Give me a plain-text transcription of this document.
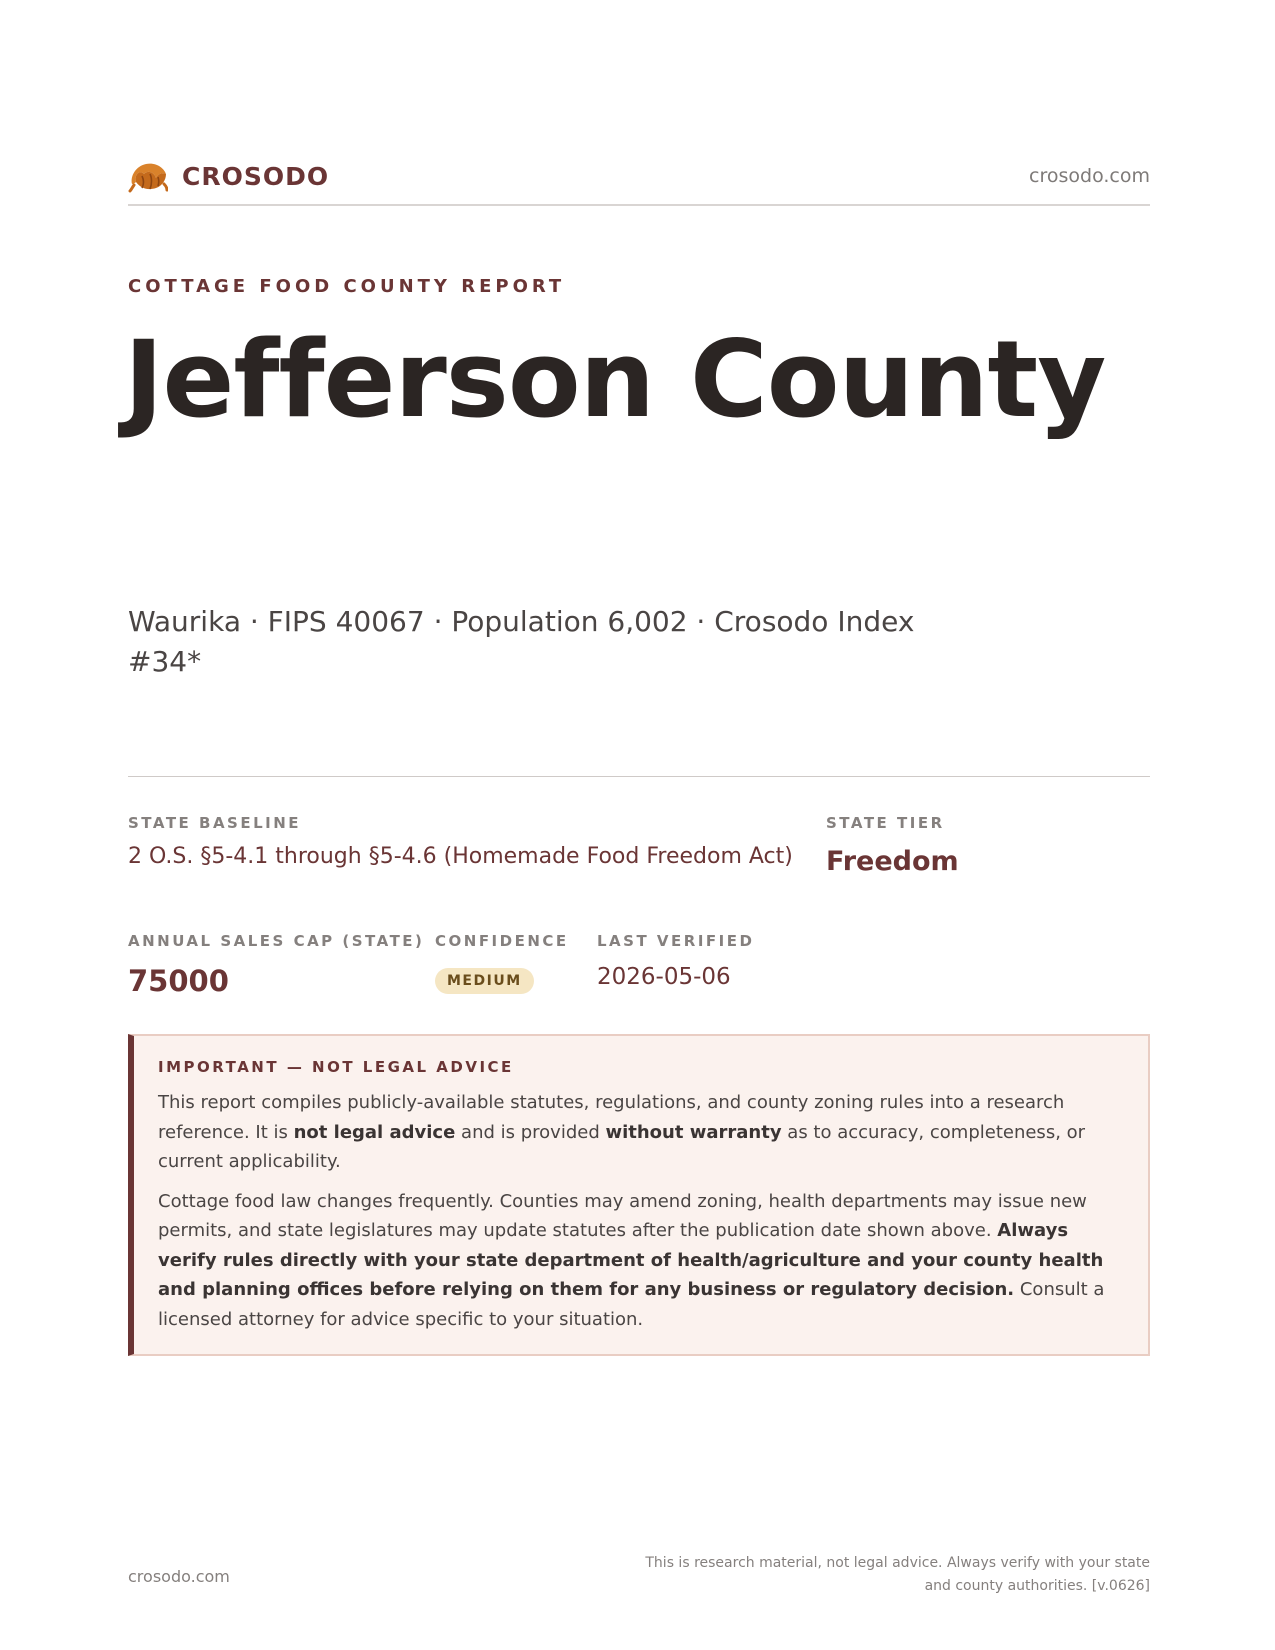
CROSODO	crosodo.com
COTTAGE FOOD COUNTY REPORT
Jefferson County
Waurika · FIPS 40067 · Population 6,002 · Crosodo Index #34*
STATE BASELINE
2 O.S. §5-4.1 through §5-4.6 (Homemade Food Freedom Act)
STATE TIER
Freedom
ANNUAL SALES CAP (STATE)
75000
CONFIDENCE
MEDIUM
LAST VERIFIED
2026-05-06
IMPORTANT — NOT LEGAL ADVICE

This report compiles publicly-available statutes, regulations, and county zoning rules into a research reference. It is not legal advice and is provided without warranty as to accuracy, completeness, or current applicability.

Cottage food law changes frequently. Counties may amend zoning, health departments may issue new permits, and state legislatures may update statutes after the publication date shown above. Always verify rules directly with your state department of health/agriculture and your county health and planning offices before relying on them for any business or regulatory decision. Consult a licensed attorney for advice specific to your situation.

crosodo.com
This is research material, not legal advice. Always verify with your state and county authorities. [v.0626]
